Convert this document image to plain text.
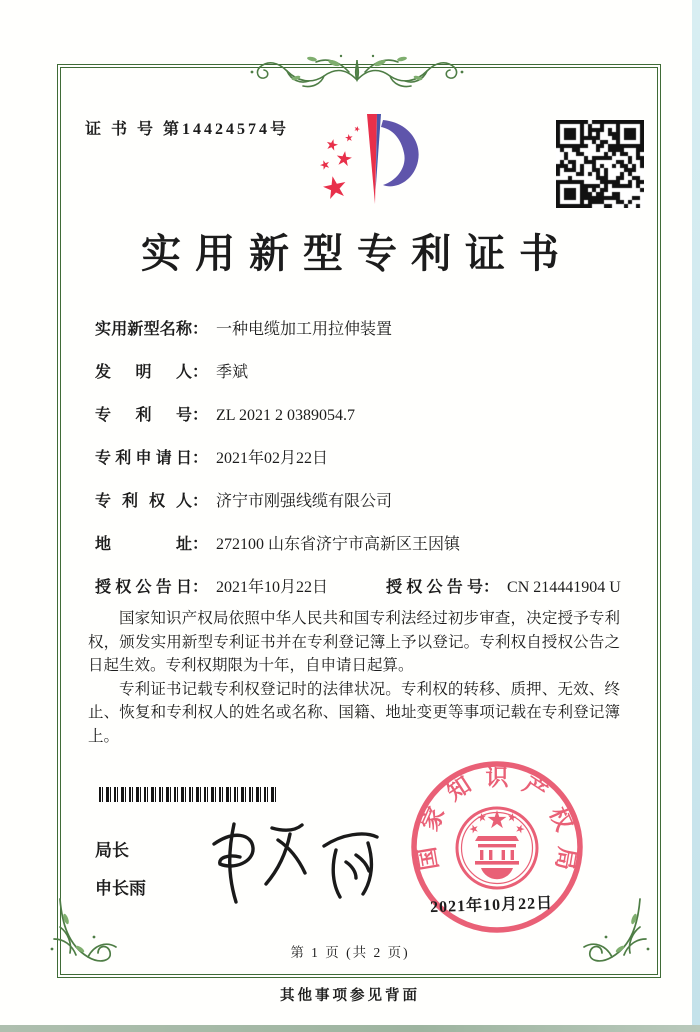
证 书 号 第14424574号
实用新型专利证书
实用新型名称： 一种电缆加工用拉伸装置
发明人： 季斌
专利号： ZL 2021 2 0389054.7
专利申请日： 2021年02月22日
专利权人： 济宁市刚强线缆有限公司
地址： 272100 山东省济宁市高新区王因镇
授权公告日： 2021年10月22日	授权公告号： CN 214441904 U

国家知识产权局依照中华人民共和国专利法经过初步审查，决定授予专利权，颁发实用新型专利证书并在专利登记簿上予以登记。专利权自授权公告之日起生效。专利权期限为十年，自申请日起算。

专利证书记载专利权登记时的法律状况。专利权的转移、质押、无效、终止、恢复和专利权人的姓名或名称、国籍、地址变更等事项记载在专利登记簿上。

局长
申长雨
国家知识产权局
2021年10月22日
第 1 页 (共 2 页)
其他事项参见背面
